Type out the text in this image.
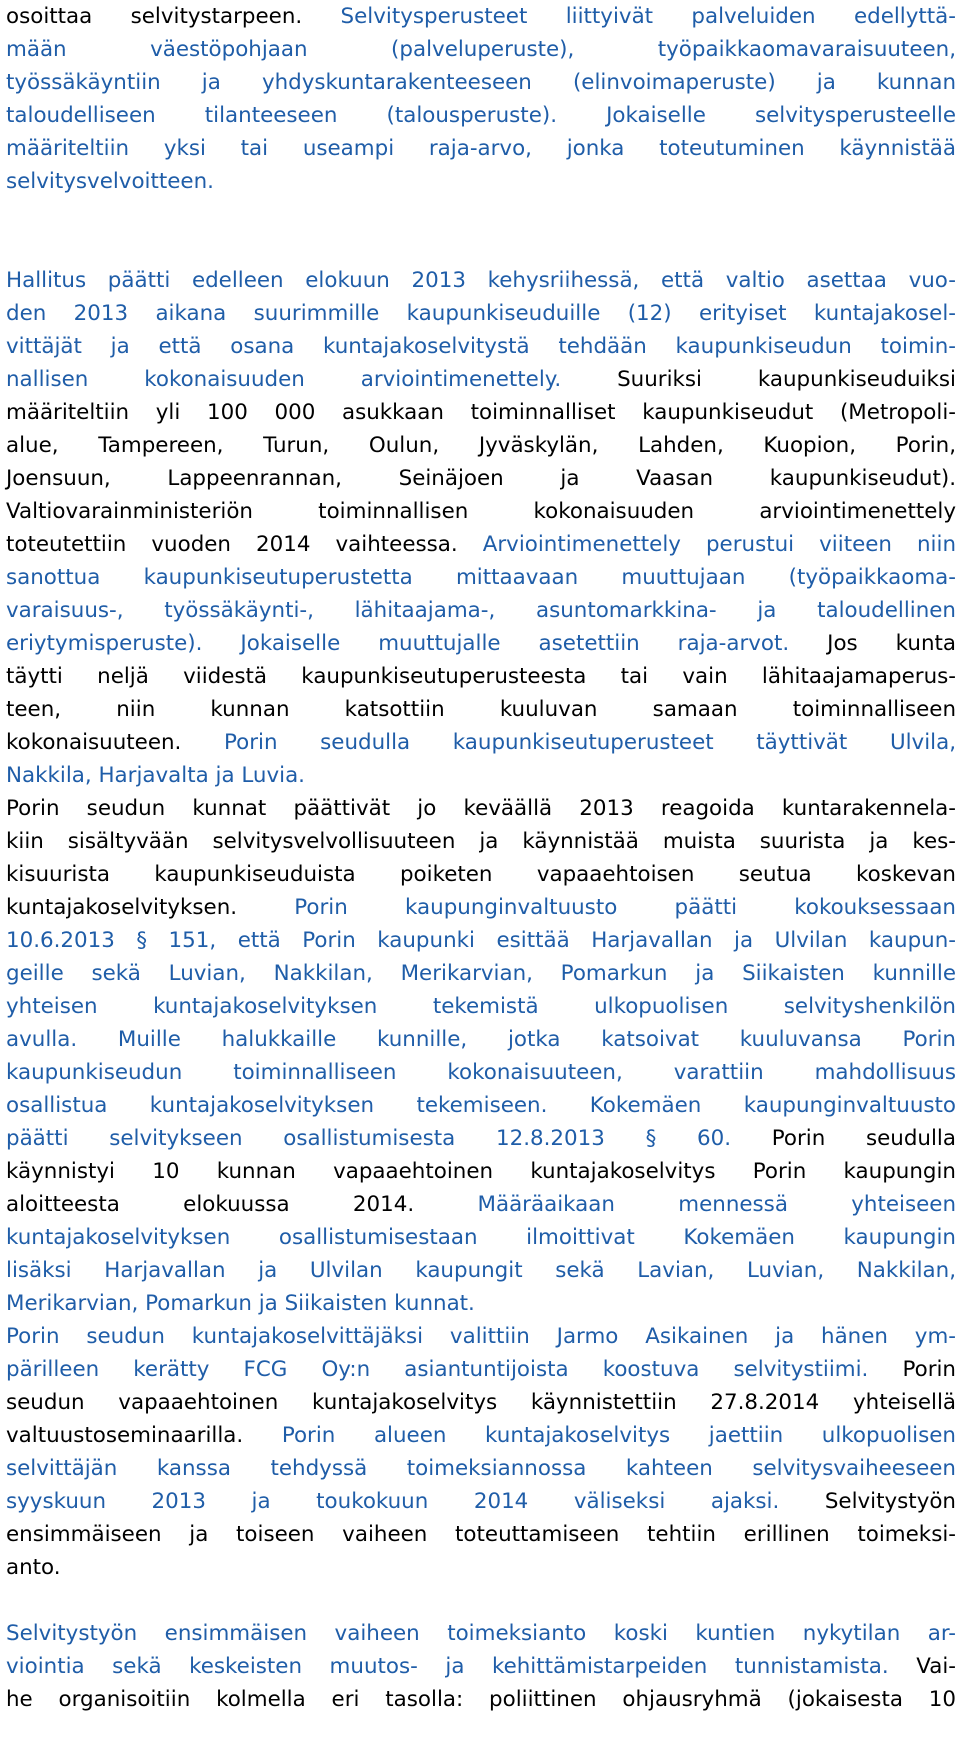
osoittaa selvitystarpeen. Selvitysperusteet liittyivät palveluiden edellyttä-
mään väestöpohjaan (palveluperuste), työpaikkaomavaraisuuteen,
työssäkäyntiin ja yhdyskuntarakenteeseen (elinvoimaperuste) ja kunnan
taloudelliseen tilanteeseen (talousperuste). Jokaiselle selvitysperusteelle
määriteltiin yksi tai useampi raja-arvo, jonka toteutuminen käynnistää
selvitysvelvoitteen.
Hallitus päätti edelleen elokuun 2013 kehysriihessä, että valtio asettaa vuo-
den 2013 aikana suurimmille kaupunkiseuduille (12) erityiset kuntajakosel-
vittäjät ja että osana kuntajakoselvitystä tehdään kaupunkiseudun toimin-
nallisen kokonaisuuden arviointimenettely. Suuriksi kaupunkiseuduiksi
määriteltiin yli 100 000 asukkaan toiminnalliset kaupunkiseudut (Metropoli-
alue, Tampereen, Turun, Oulun, Jyväskylän, Lahden, Kuopion, Porin,
Joensuun, Lappeenrannan, Seinäjoen ja Vaasan kaupunkiseudut).
Valtiovarainministeriön toiminnallisen kokonaisuuden arviointimenettely
toteutettiin vuoden 2014 vaihteessa. Arviointimenettely perustui viiteen niin
sanottua kaupunkiseutuperustetta mittaavaan muuttujaan (työpaikkaoma-
varaisuus-, työssäkäynti-, lähitaajama-, asuntomarkkina- ja taloudellinen
eriytymisperuste). Jokaiselle muuttujalle asetettiin raja-arvot. Jos kunta
täytti neljä viidestä kaupunkiseutuperusteesta tai vain lähitaajamaperus-
teen, niin kunnan katsottiin kuuluvan samaan toiminnalliseen
kokonaisuuteen. Porin seudulla kaupunkiseutuperusteet täyttivät Ulvila,
Nakkila, Harjavalta ja Luvia.
Porin seudun kunnat päättivät jo keväällä 2013 reagoida kuntarakennela-
kiin sisältyvään selvitysvelvollisuuteen ja käynnistää muista suurista ja kes-
kisuurista kaupunkiseuduista poiketen vapaaehtoisen seutua koskevan
kuntajakoselvityksen. Porin kaupunginvaltuusto päätti kokouksessaan
10.6.2013 § 151, että Porin kaupunki esittää Harjavallan ja Ulvilan kaupun-
geille sekä Luvian, Nakkilan, Merikarvian, Pomarkun ja Siikaisten kunnille
yhteisen kuntajakoselvityksen tekemistä ulkopuolisen selvityshenkilön
avulla. Muille halukkaille kunnille, jotka katsoivat kuuluvansa Porin
kaupunkiseudun toiminnalliseen kokonaisuuteen, varattiin mahdollisuus
osallistua kuntajakoselvityksen tekemiseen. Kokemäen kaupunginvaltuusto
päätti selvitykseen osallistumisesta 12.8.2013 § 60. Porin seudulla
käynnistyi 10 kunnan vapaaehtoinen kuntajakoselvitys Porin kaupungin
aloitteesta elokuussa 2014. Määräaikaan mennessä yhteiseen
kuntajakoselvityksen osallistumisestaan ilmoittivat Kokemäen kaupungin
lisäksi Harjavallan ja Ulvilan kaupungit sekä Lavian, Luvian, Nakkilan,
Merikarvian, Pomarkun ja Siikaisten kunnat.
Porin seudun kuntajakoselvittäjäksi valittiin Jarmo Asikainen ja hänen ym-
pärilleen kerätty FCG Oy:n asiantuntijoista koostuva selvitystiimi. Porin
seudun vapaaehtoinen kuntajakoselvitys käynnistettiin 27.8.2014 yhteisellä
valtuustoseminaarilla. Porin alueen kuntajakoselvitys jaettiin ulkopuolisen
selvittäjän kanssa tehdyssä toimeksiannossa kahteen selvitysvaiheeseen
syyskuun 2013 ja toukokuun 2014 väliseksi ajaksi. Selvitystyön
ensimmäiseen ja toiseen vaiheen toteuttamiseen tehtiin erillinen toimeksi-
anto.
Selvitystyön ensimmäisen vaiheen toimeksianto koski kuntien nykytilan ar-
viointia sekä keskeisten muutos- ja kehittämistarpeiden tunnistamista. Vai-
he organisoitiin kolmella eri tasolla: poliittinen ohjausryhmä (jokaisesta 10
